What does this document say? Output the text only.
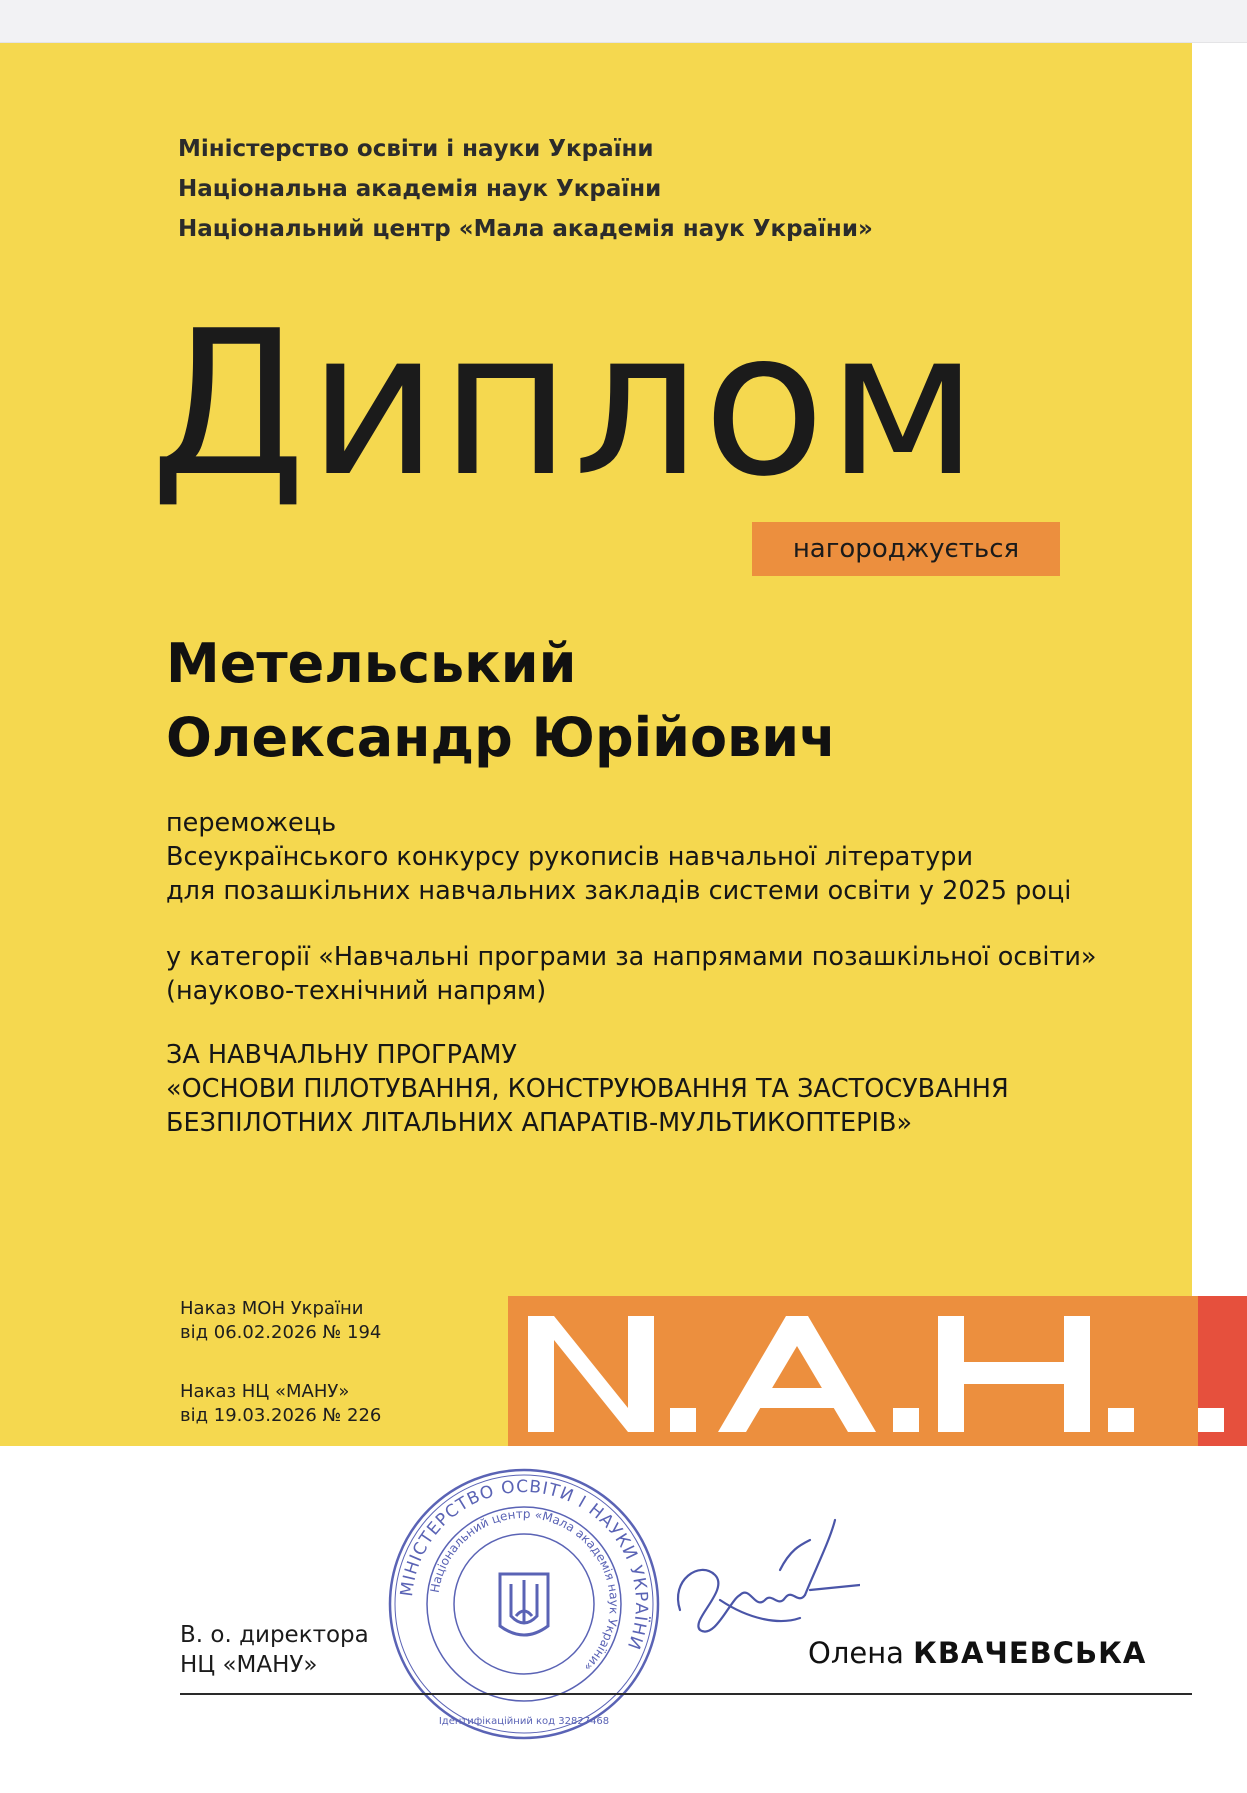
Міністерство освіти і науки України
Національна академія наук України
Національний центр «Мала академія наук України»
Диплом
нагороджується
Метельський
Олександр Юрійович
переможець
Всеукраїнського конкурсу рукописів навчальної літератури
для позашкільних навчальних закладів системи освіти у 2025 році
у категорії «Навчальні програми за напрямами позашкільної освіти»
(науково-технічний напрям)
ЗА НАВЧАЛЬНУ ПРОГРАМУ
«ОСНОВИ ПІЛОТУВАННЯ, КОНСТРУЮВАННЯ ТА ЗАСТОСУВАННЯ
БЕЗПІЛОТНИХ ЛІТАЛЬНИХ АПАРАТІВ-МУЛЬТИКОПТЕРІВ»
Наказ МОН України
від 06.02.2026 № 194
Наказ НЦ «МАНУ»
від 19.03.2026 № 226
МІНІСТЕРСТВО ОСВІТИ І НАУКИ УКРАЇНИ
Національний центр «Мала академія наук України»
Ідентифікаційний код 32827468
В. о. директора
НЦ «МАНУ»	Олена КВАЧЕВСЬКА
